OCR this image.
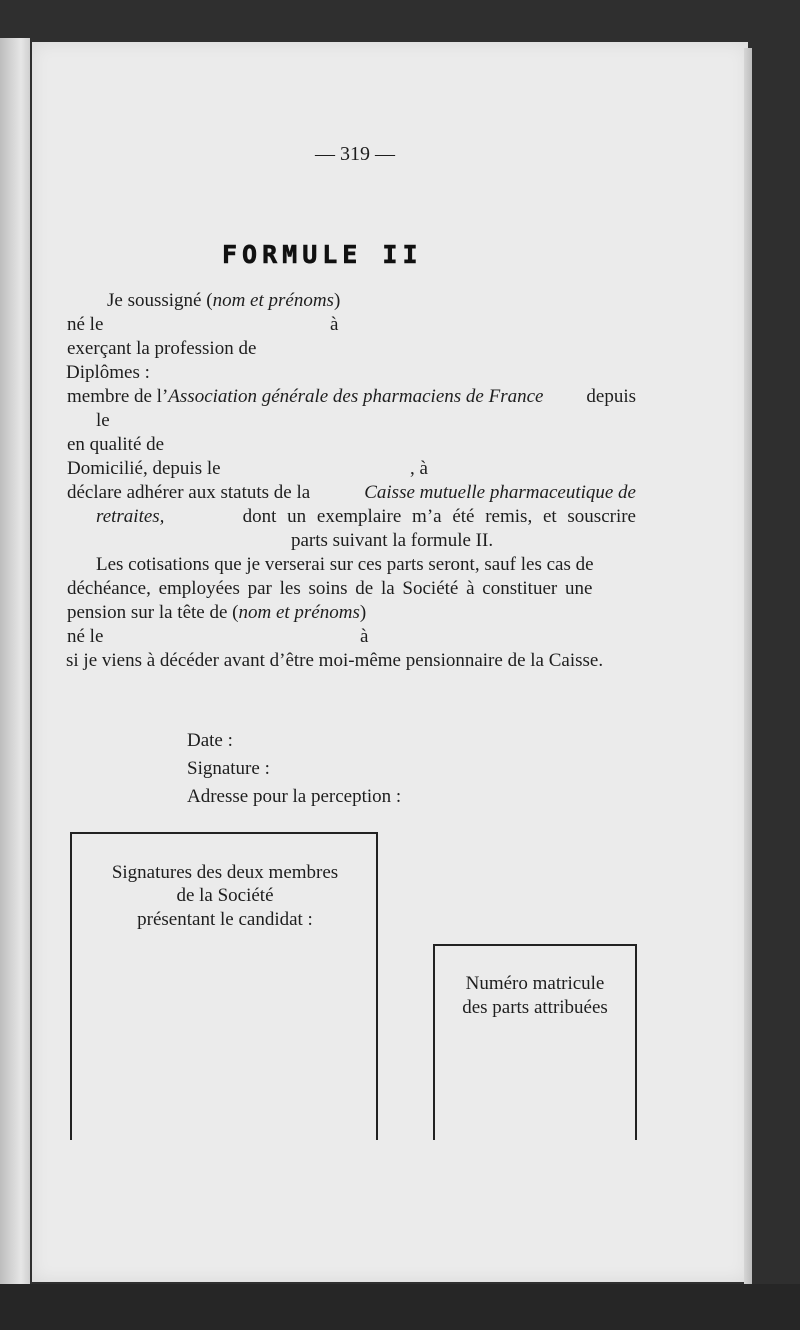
— 319 —
FORMULE II
Je soussigné (nom et prénoms)
né le	à
exerçant la profession de
Diplômes :
membre de l’Association générale des pharmaciens de France depuis
le
en qualité de
Domicilié, depuis le	, à
déclare adhérer aux statuts de la	Caisse mutuelle pharmaceutique de
retraites,	dont un exemplaire m’a été remis, et souscrire
parts suivant la formule II.
Les cotisations que je verserai sur ces parts seront, sauf les cas de
déchéance, employées par les soins de la Société à constituer une
pension sur la tête de (nom et prénoms)
né le	à
si je viens à décéder avant d’être moi-même pensionnaire de la Caisse.
Date :
Signature :
Adresse pour la perception :
Signatures des deux membres
de la Société
présentant le candidat :
Numéro matricule
des parts attribuées
